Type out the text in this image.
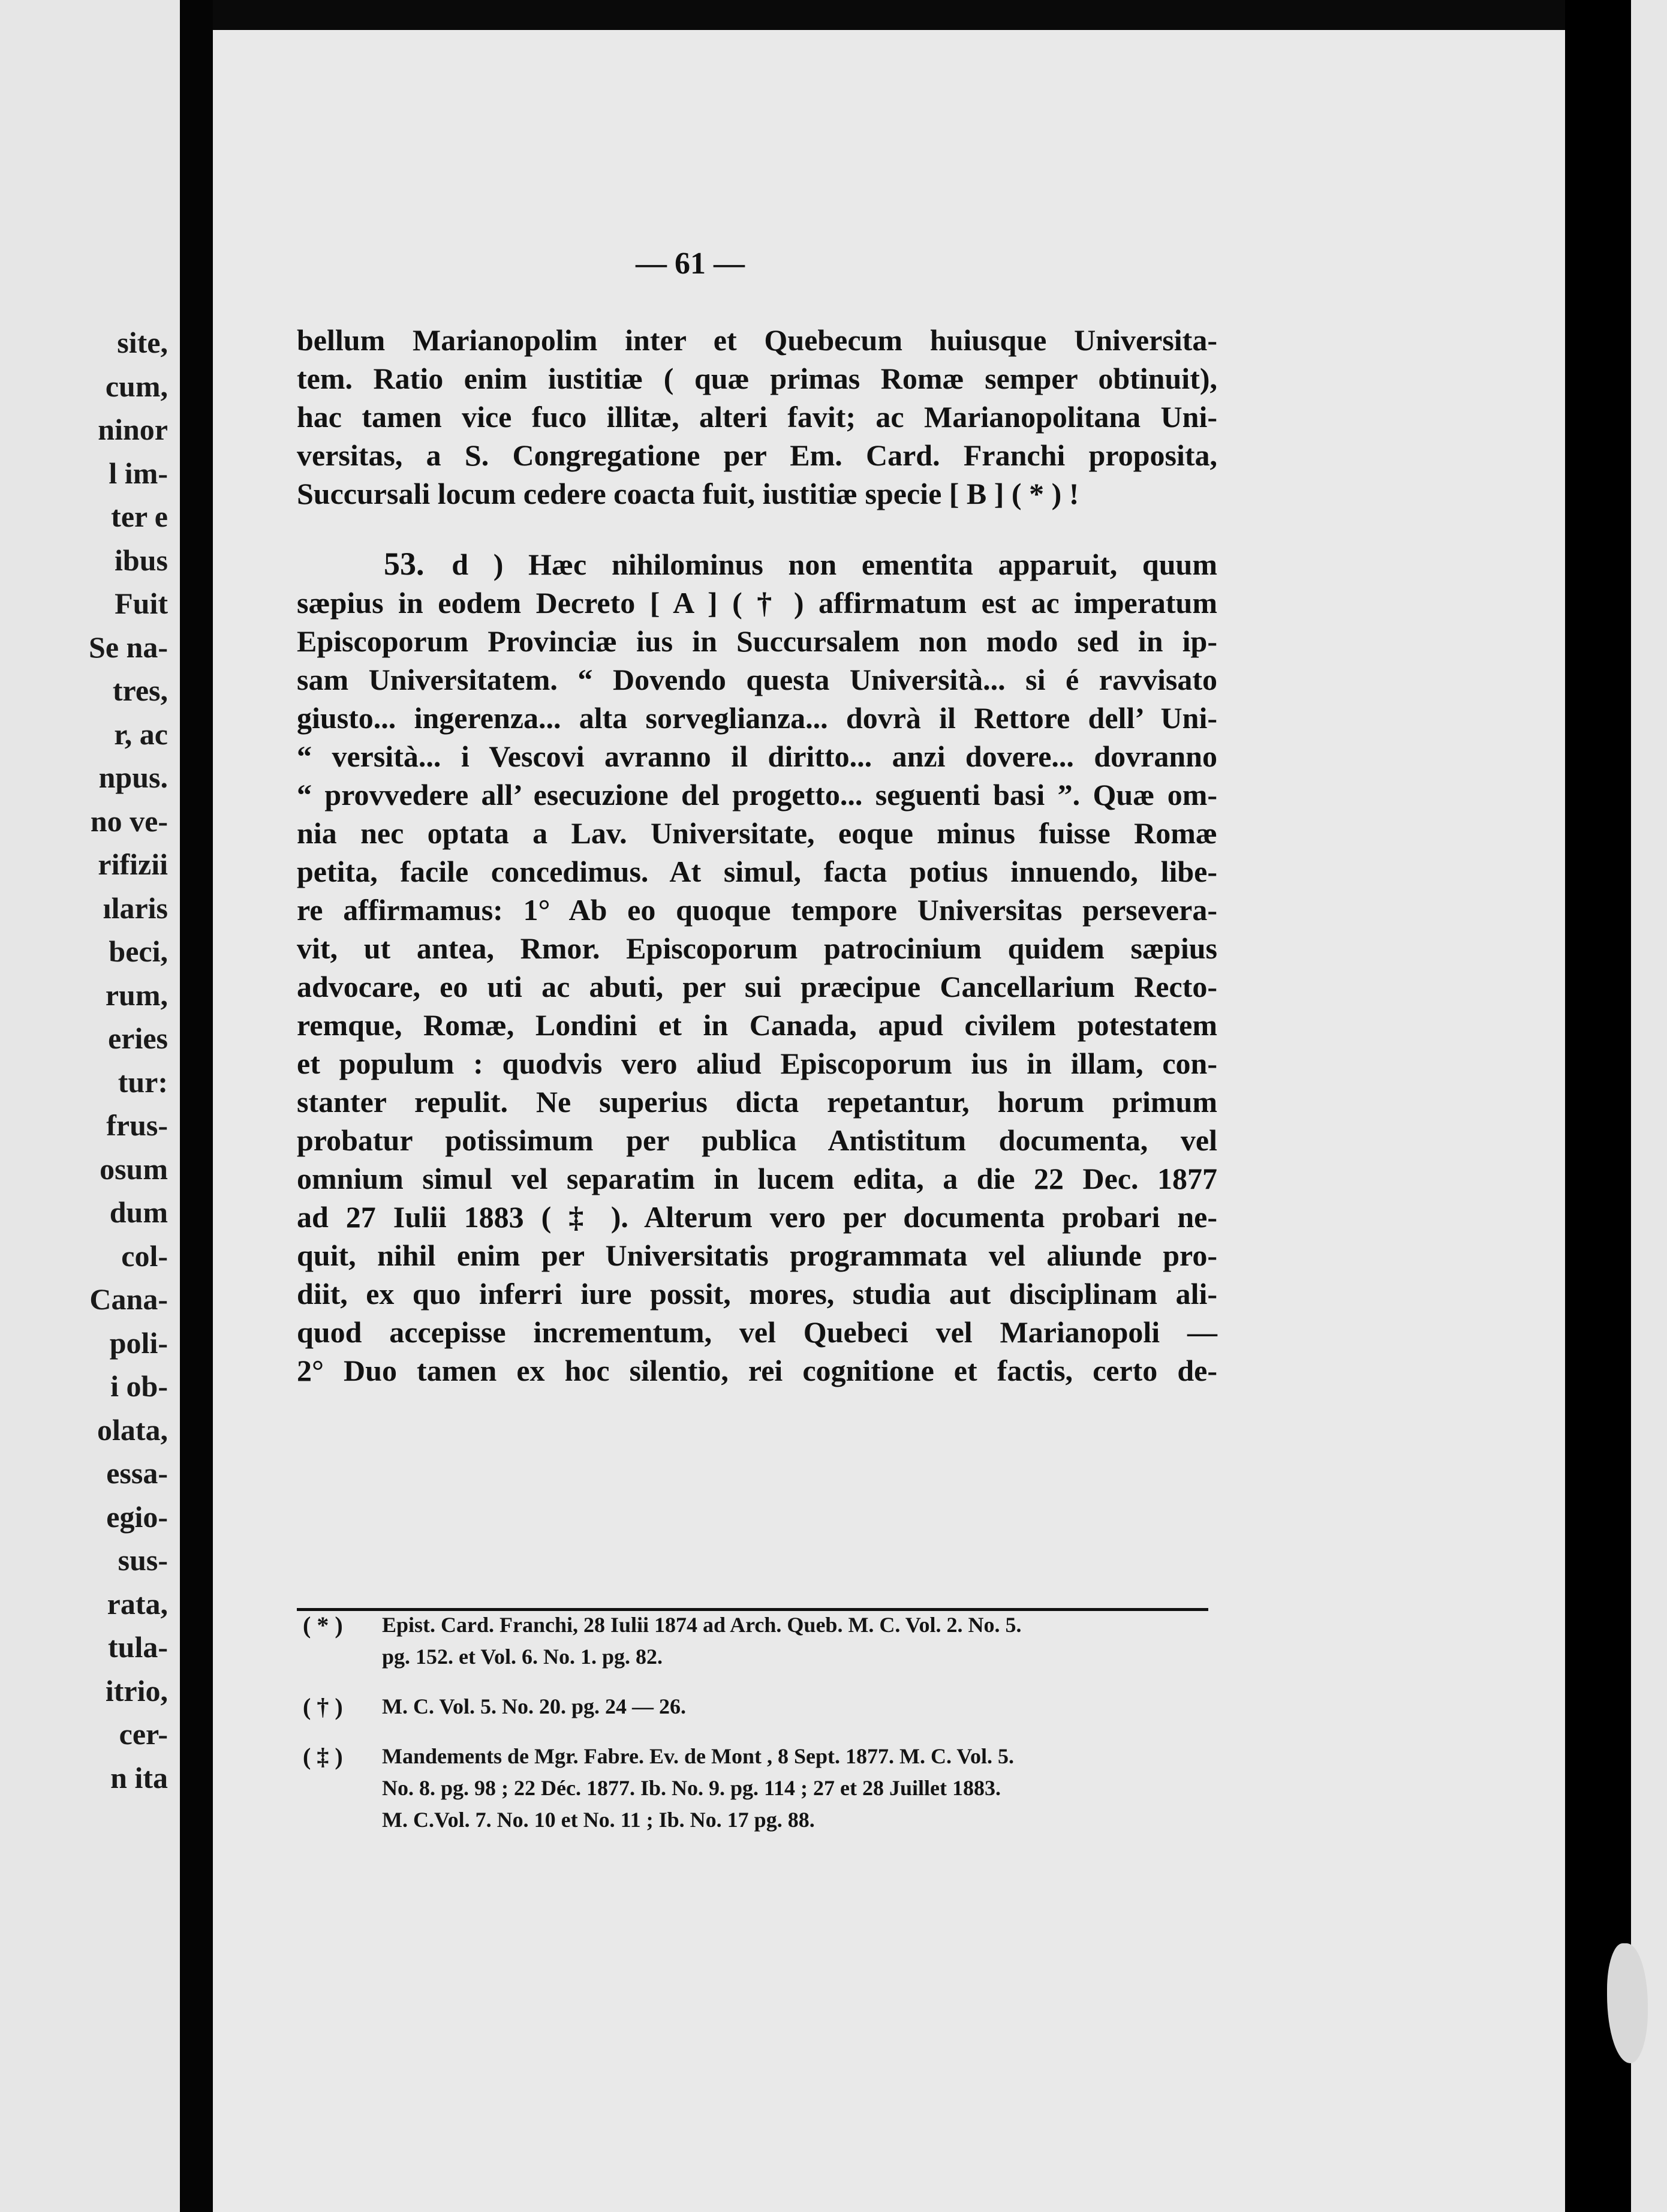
site,
cum,
ninor
l im-
ter e
ibus
Fuit
Se na-
tres,
r, ac
npus.
no ve-
rifizii
ılaris
beci,
rum,
eries
tur:
frus-
osum
dum
col-
Cana-
poli-
i ob-
olata,
essa-
egio-
sus-
rata,
tula-
itrio,
cer-
n ita

— 61 —

bellum Marianopolim inter et Quebecum huiusque Universita-
tem. Ratio enim iustitiæ ( quæ primas Romæ semper obtinuit),
hac tamen vice fuco illitæ, alteri favit; ac Marianopolitana Uni-
versitas, a S. Congregatione per Em. Card. Franchi proposita,
Succursali locum cedere coacta fuit, iustitiæ specie [ B ] ( * ) !
53. d ) Hæc nihilominus non ementita apparuit, quum
sæpius in eodem Decreto [ A ] ( † ) affirmatum est ac imperatum
Episcoporum Provinciæ ius in Succursalem non modo sed in ip-
sam Universitatem. “ Dovendo questa Università... si é ravvisato
giusto... ingerenza... alta sorveglianza... dovrà il Rettore dell’ Uni-
“ versità... i Vescovi avranno il diritto... anzi dovere... dovranno
“ provvedere all’ esecuzione del progetto... seguenti basi ”. Quæ om-
nia nec optata a Lav. Universitate, eoque minus fuisse Romæ
petita, facile concedimus. At simul, facta potius innuendo, libe-
re affirmamus: 1° Ab eo quoque tempore Universitas persevera-
vit, ut antea, Rmor. Episcoporum patrocinium quidem sæpius
advocare, eo uti ac abuti, per sui præcipue Cancellarium Recto-
remque, Romæ, Londini et in Canada, apud civilem potestatem
et populum : quodvis vero aliud Episcoporum ius in illam, con-
stanter repulit. Ne superius dicta repetantur, horum primum
probatur potissimum per publica Antistitum documenta, vel
omnium simul vel separatim in lucem edita, a die 22 Dec. 1877
ad 27 Iulii 1883 ( ‡ ). Alterum vero per documenta probari ne-
quit, nihil enim per Universitatis programmata vel aliunde pro-
diit, ex quo inferri iure possit, mores, studia aut disciplinam ali-
quod accepisse incrementum, vel Quebeci vel Marianopoli —
2° Duo tamen ex hoc silentio, rei cognitione et factis, certo de-
( * ) Epist. Card. Franchi, 28 Iulii 1874 ad Arch. Queb. M. C. Vol. 2. No. 5.
pg. 152. et Vol. 6. No. 1. pg. 82.
( † ) M. C. Vol. 5. No. 20. pg. 24 — 26.
( ‡ ) Mandements de Mgr. Fabre. Ev. de Mont , 8 Sept. 1877. M. C. Vol. 5.
No. 8. pg. 98 ; 22 Déc. 1877. Ib. No. 9. pg. 114 ; 27 et 28 Juillet 1883.
M. C.Vol. 7. No. 10 et No. 11 ; Ib. No. 17 pg. 88.
